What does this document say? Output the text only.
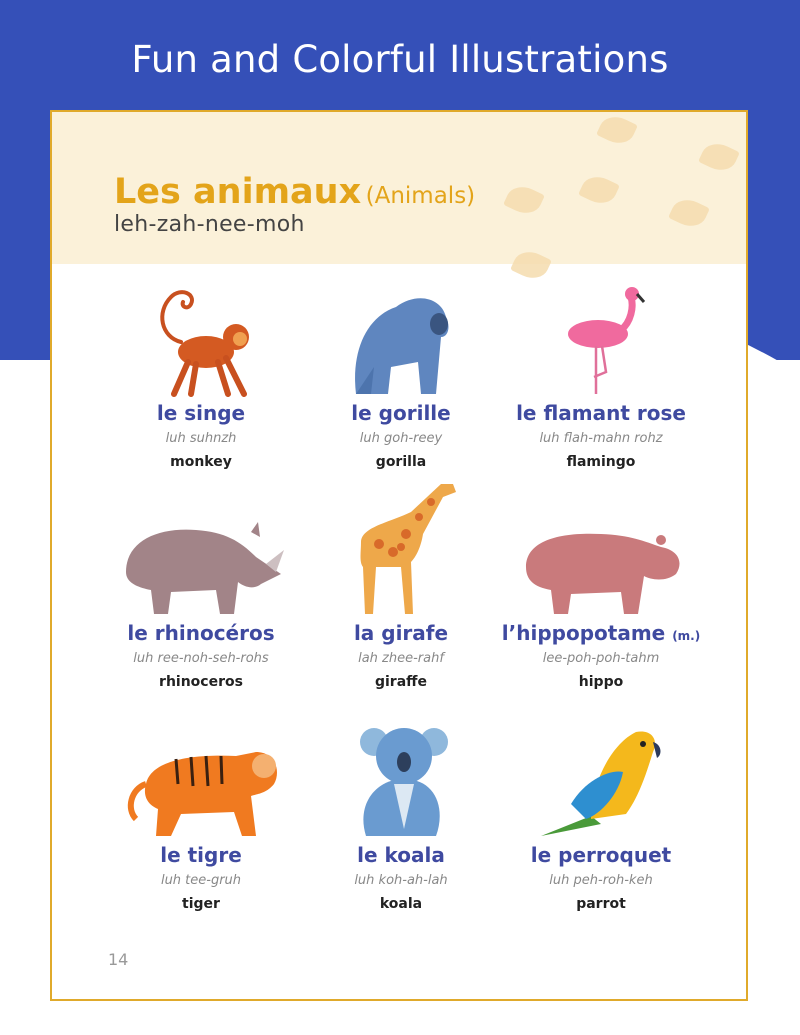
Fun and Colorful Illustrations
Les animaux (Animals)
leh-zah-nee-moh
le singe
luh suhnzh
monkey
le gorille
luh goh-reey
gorilla
le flamant rose
luh flah-mahn rohz
flamingo
le rhinocéros
luh ree-noh-seh-rohs
rhinoceros
la girafe
lah zhee-rahf
giraffe
l’hippopotame (m.)
lee-poh-poh-tahm
hippo
le tigre
luh tee-gruh
tiger
le koala
luh koh-ah-lah
koala
le perroquet
luh peh-roh-keh
parrot
14
